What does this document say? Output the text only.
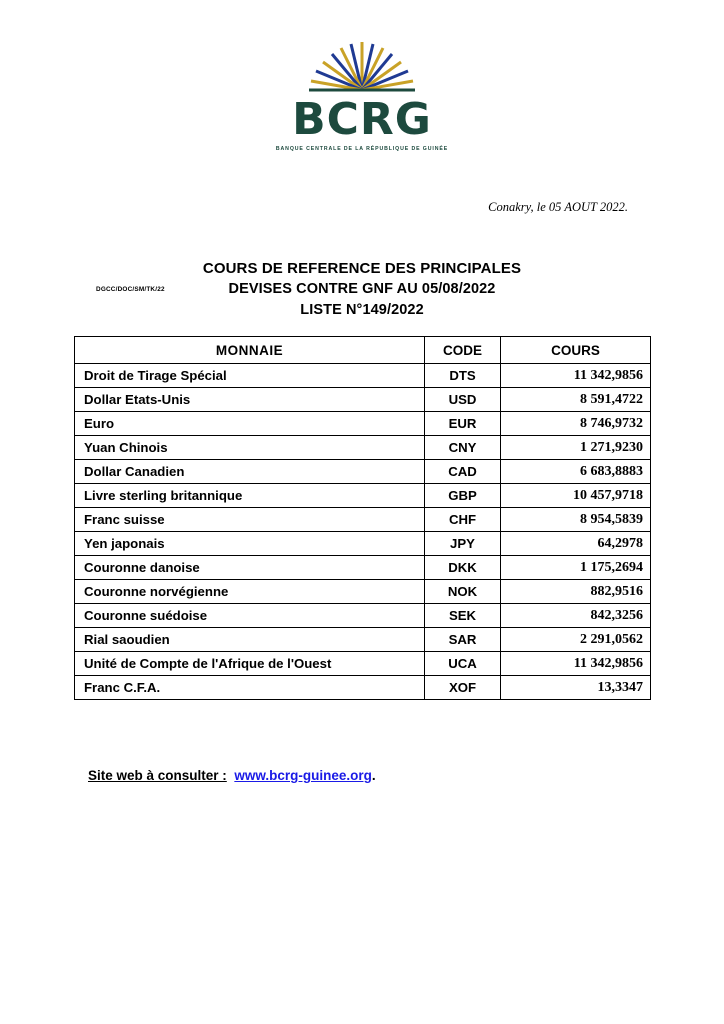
BCRG
BANQUE CENTRALE DE LA RÉPUBLIQUE DE GUINÉE
Conakry, le 05 AOUT 2022.
DGCC/DOC/SM/TK/22
COURS DE REFERENCE DES PRINCIPALES
DEVISES CONTRE GNF AU 05/08/2022
LISTE N°149/2022
MONNAIE	CODE	COURS
Droit de Tirage Spécial	DTS	11 342,9856
Dollar Etats-Unis	USD	8 591,4722
Euro	EUR	8 746,9732
Yuan Chinois	CNY	1 271,9230
Dollar Canadien	CAD	6 683,8883
Livre sterling britannique	GBP	10 457,9718
Franc suisse	CHF	8 954,5839
Yen japonais	JPY	64,2978
Couronne danoise	DKK	1 175,2694
Couronne norvégienne	NOK	882,9516
Couronne suédoise	SEK	842,3256
Rial saoudien	SAR	2 291,0562
Unité de Compte de l'Afrique de l'Ouest	UCA	11 342,9856
Franc C.F.A.	XOF	13,3347
Site web à consulter : www.bcrg-guinee.org.
